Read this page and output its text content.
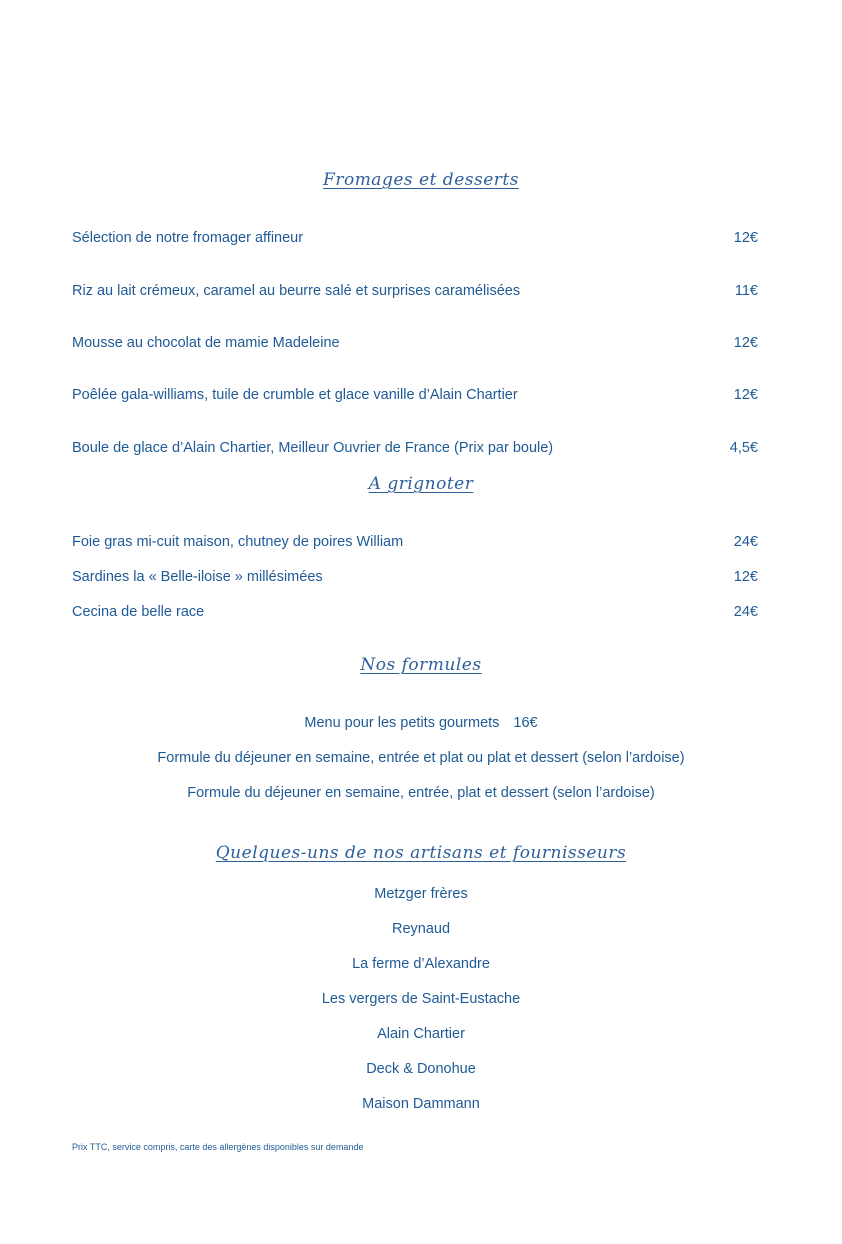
Fromages et desserts
Sélection de notre fromager affineur	12€
Riz au lait crémeux, caramel au beurre salé et surprises caramélisées	11€
Mousse au chocolat de mamie Madeleine	12€
Poêlée gala-williams, tuile de crumble et glace vanille d’Alain Chartier	12€
Boule de glace d’Alain Chartier, Meilleur Ouvrier de France (Prix par boule)	4,5€
A grignoter
Foie gras mi-cuit maison, chutney de poires William	24€
Sardines la « Belle-iloise » millésimées	12€
Cecina de belle race	24€
Nos formules
Menu pour les petits gourmets 16€
Formule du déjeuner en semaine, entrée et plat ou plat et dessert (selon l’ardoise)
Formule du déjeuner en semaine, entrée, plat et dessert (selon l’ardoise)
Quelques-uns de nos artisans et fournisseurs
Metzger frères
Reynaud
La ferme d’Alexandre
Les vergers de Saint-Eustache
Alain Chartier
Deck & Donohue
Maison Dammann
Prix TTC, service compris, carte des allergènes disponibles sur demande
